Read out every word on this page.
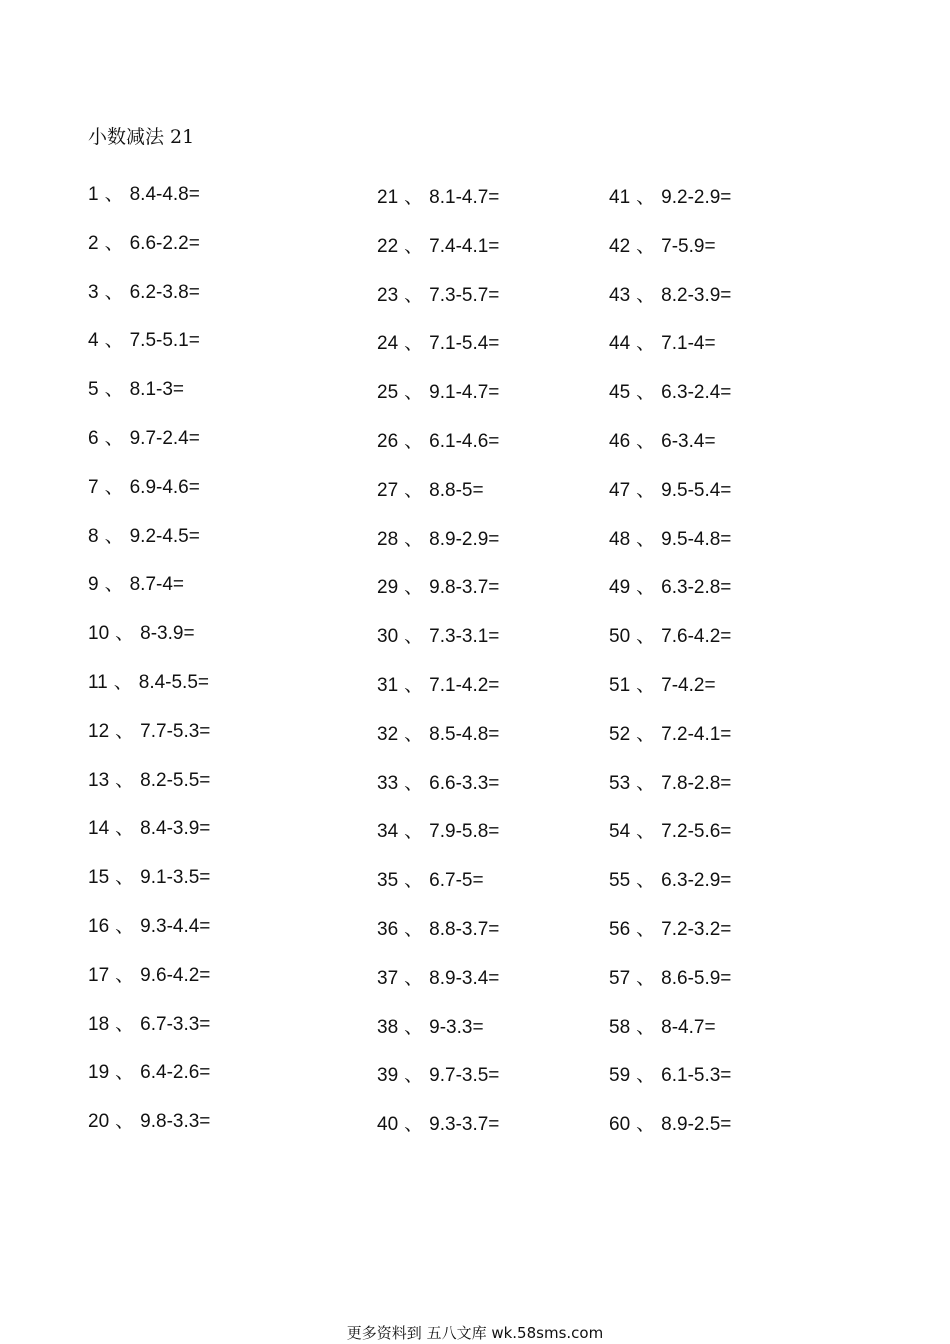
小数减法 21
1 、 8.4-4.8=
2 、 6.6-2.2=
3 、 6.2-3.8=
4 、 7.5-5.1=
5 、 8.1-3=
6 、 9.7-2.4=
7 、 6.9-4.6=
8 、 9.2-4.5=
9 、 8.7-4=
10 、 8-3.9=
11 、 8.4-5.5=
12 、 7.7-5.3=
13 、 8.2-5.5=
14 、 8.4-3.9=
15 、 9.1-3.5=
16 、 9.3-4.4=
17 、 9.6-4.2=
18 、 6.7-3.3=
19 、 6.4-2.6=
20 、 9.8-3.3=
21 、 8.1-4.7=
22 、 7.4-4.1=
23 、 7.3-5.7=
24 、 7.1-5.4=
25 、 9.1-4.7=
26 、 6.1-4.6=
27 、 8.8-5=
28 、 8.9-2.9=
29 、 9.8-3.7=
30 、 7.3-3.1=
31 、 7.1-4.2=
32 、 8.5-4.8=
33 、 6.6-3.3=
34 、 7.9-5.8=
35 、 6.7-5=
36 、 8.8-3.7=
37 、 8.9-3.4=
38 、 9-3.3=
39 、 9.7-3.5=
40 、 9.3-3.7=
41 、 9.2-2.9=
42 、 7-5.9=
43 、 8.2-3.9=
44 、 7.1-4=
45 、 6.3-2.4=
46 、 6-3.4=
47 、 9.5-5.4=
48 、 9.5-4.8=
49 、 6.3-2.8=
50 、 7.6-4.2=
51 、 7-4.2=
52 、 7.2-4.1=
53 、 7.8-2.8=
54 、 7.2-5.6=
55 、 6.3-2.9=
56 、 7.2-3.2=
57 、 8.6-5.9=
58 、 8-4.7=
59 、 6.1-5.3=
60 、 8.9-2.5=
更多资料到 五八文库 wk.58sms.com
